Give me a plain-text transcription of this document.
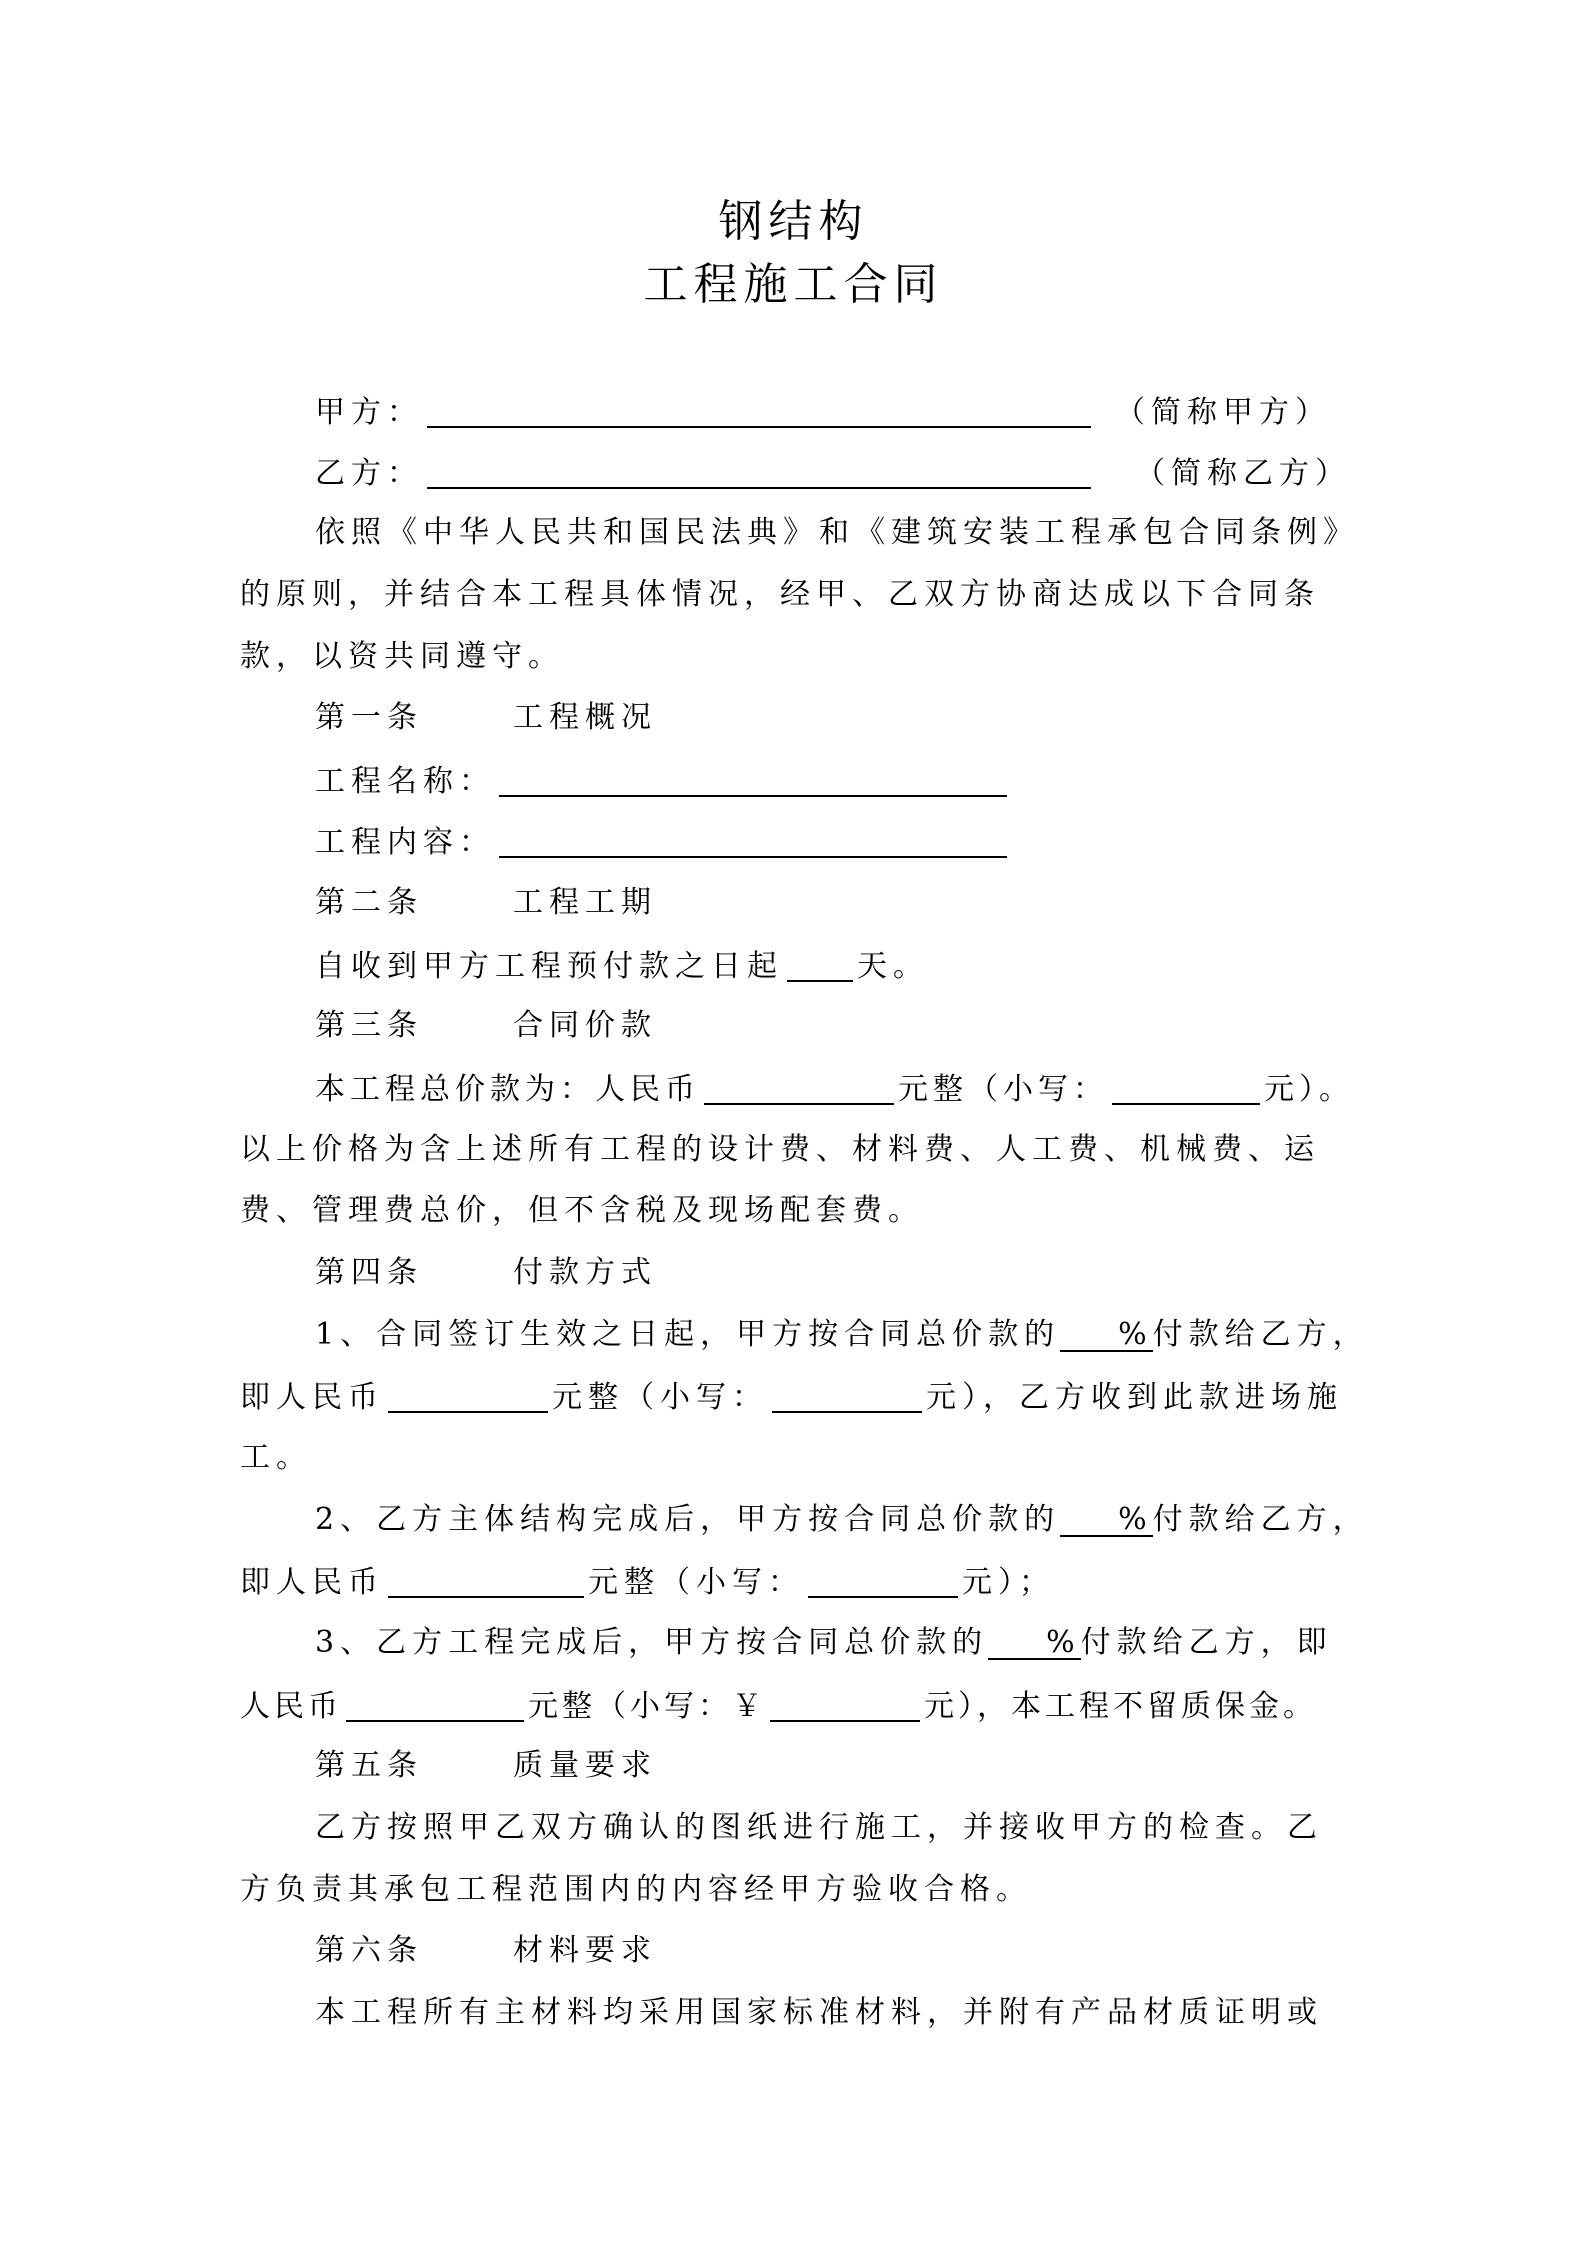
钢结构
工程施工合同
甲方：	（简称甲方）
乙方：	（简称乙方）
依照《中华人民共和国民法典》和《建筑安装工程承包合同条例》
的原则，并结合本工程具体情况，经甲、乙双方协商达成以下合同条
款，以资共同遵守。
第一条	工程概况
工程名称：
工程内容：
第二条	工程工期
自收到甲方工程预付款之日起 天。
第三条	合同价款
本工程总价款为：人民币	元整（小写：	元）。
以上价格为含上述所有工程的设计费、材料费、人工费、机械费、运
费、管理费总价，但不含税及现场配套费。
第四条	付款方式
1、合同签订生效之日起，甲方按合同总价款的 %付款给乙方，
即人民币	元整（小写：	元），乙方收到此款进场施
工。
2、乙方主体结构完成后，甲方按合同总价款的 %付款给乙方，
即人民币	元整（小写：	元）；
3、乙方工程完成后，甲方按合同总价款的 %付款给乙方，即
人民币	元整（小写：￥	元），本工程不留质保金。
第五条	质量要求
乙方按照甲乙双方确认的图纸进行施工，并接收甲方的检查。乙
方负责其承包工程范围内的内容经甲方验收合格。
第六条	材料要求
本工程所有主材料均采用国家标准材料，并附有产品材质证明或
